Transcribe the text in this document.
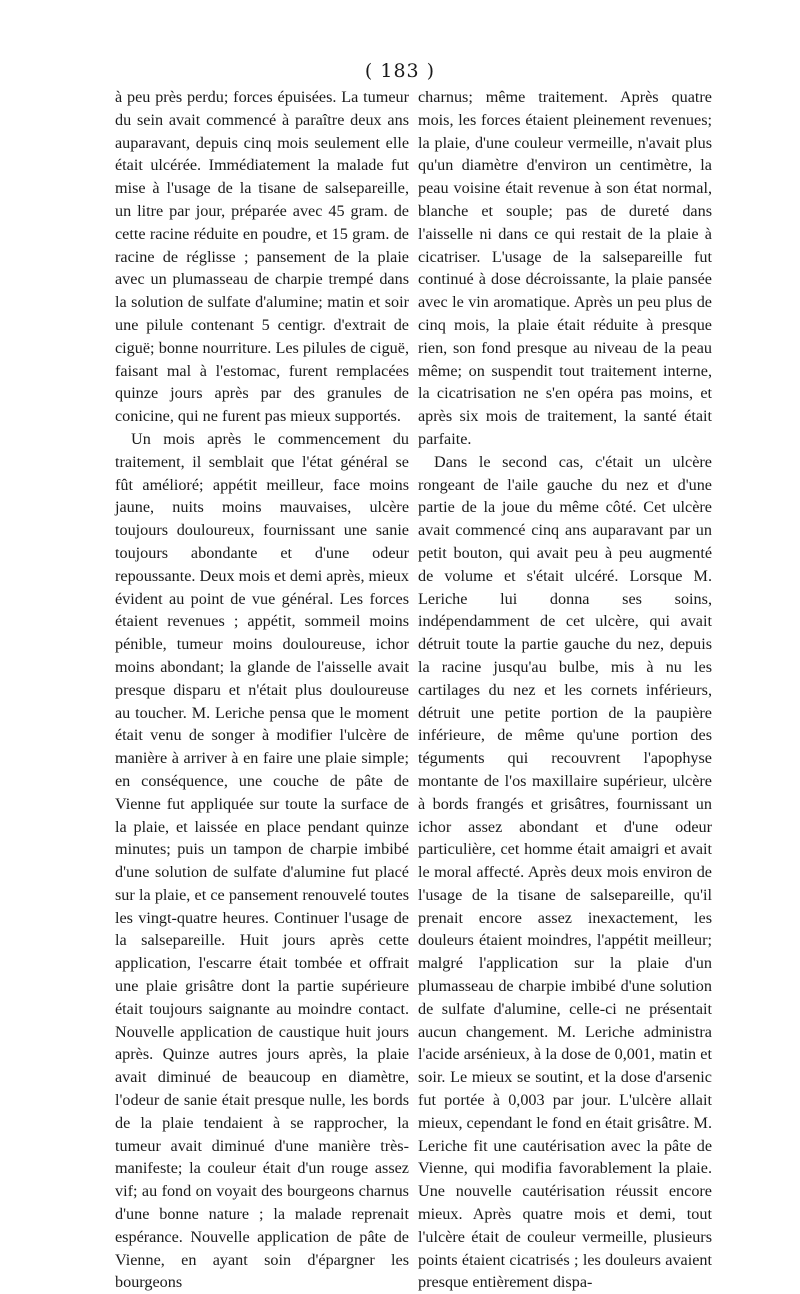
( 183 )

à peu près perdu; forces épuisées. La tumeur du sein avait commencé à paraître deux ans auparavant, depuis cinq mois seulement elle était ulcérée. Immédiatement la malade fut mise à l'usage de la tisane de salsepareille, un litre par jour, préparée avec 45 gram. de cette racine réduite en poudre, et 15 gram. de racine de réglisse ; pansement de la plaie avec un plumasseau de charpie trempé dans la solution de sulfate d'alumine; matin et soir une pilule contenant 5 centigr. d'extrait de ciguë; bonne nourriture. Les pilules de ciguë, faisant mal à l'estomac, furent remplacées quinze jours après par des granules de conicine, qui ne furent pas mieux supportés.

Un mois après le commencement du traitement, il semblait que l'état général se fût amélioré; appétit meilleur, face moins jaune, nuits moins mauvaises, ulcère toujours douloureux, fournissant une sanie toujours abondante et d'une odeur repoussante. Deux mois et demi après, mieux évident au point de vue général. Les forces étaient revenues ; appétit, sommeil moins pénible, tumeur moins douloureuse, ichor moins abondant; la glande de l'aisselle avait presque disparu et n'était plus douloureuse au toucher. M. Leriche pensa que le moment était venu de songer à modifier l'ulcère de manière à arriver à en faire une plaie simple; en conséquence, une couche de pâte de Vienne fut appliquée sur toute la surface de la plaie, et laissée en place pendant quinze minutes; puis un tampon de charpie imbibé d'une solution de sulfate d'alumine fut placé sur la plaie, et ce pansement renouvelé toutes les vingt-quatre heures. Continuer l'usage de la salsepareille. Huit jours après cette application, l'escarre était tombée et offrait une plaie grisâtre dont la partie supérieure était toujours saignante au moindre contact. Nouvelle application de caustique huit jours après. Quinze autres jours après, la plaie avait diminué de beaucoup en diamètre, l'odeur de sanie était presque nulle, les bords de la plaie tendaient à se rapprocher, la tumeur avait diminué d'une manière très-manifeste; la couleur était d'un rouge assez vif; au fond on voyait des bourgeons charnus d'une bonne nature ; la malade reprenait espérance. Nouvelle application de pâte de Vienne, en ayant soin d'épargner les bourgeons

charnus; même traitement. Après quatre mois, les forces étaient pleinement revenues; la plaie, d'une couleur vermeille, n'avait plus qu'un diamètre d'environ un centimètre, la peau voisine était revenue à son état normal, blanche et souple; pas de dureté dans l'aisselle ni dans ce qui restait de la plaie à cicatriser. L'usage de la salsepareille fut continué à dose décroissante, la plaie pansée avec le vin aromatique. Après un peu plus de cinq mois, la plaie était réduite à presque rien, son fond presque au niveau de la peau même; on suspendit tout traitement interne, la cicatrisation ne s'en opéra pas moins, et après six mois de traitement, la santé était parfaite.

Dans le second cas, c'était un ulcère rongeant de l'aile gauche du nez et d'une partie de la joue du même côté. Cet ulcère avait commencé cinq ans auparavant par un petit bouton, qui avait peu à peu augmenté de volume et s'était ulcéré. Lorsque M. Leriche lui donna ses soins, indépendamment de cet ulcère, qui avait détruit toute la partie gauche du nez, depuis la racine jusqu'au bulbe, mis à nu les cartilages du nez et les cornets inférieurs, détruit une petite portion de la paupière inférieure, de même qu'une portion des téguments qui recouvrent l'apophyse montante de l'os maxillaire supérieur, ulcère à bords frangés et grisâtres, fournissant un ichor assez abondant et d'une odeur particulière, cet homme était amaigri et avait le moral affecté. Après deux mois environ de l'usage de la tisane de salsepareille, qu'il prenait encore assez inexactement, les douleurs étaient moindres, l'appétit meilleur; malgré l'application sur la plaie d'un plumasseau de charpie imbibé d'une solution de sulfate d'alumine, celle-ci ne présentait aucun changement. M. Leriche administra l'acide arsénieux, à la dose de 0,001, matin et soir. Le mieux se soutint, et la dose d'arsenic fut portée à 0,003 par jour. L'ulcère allait mieux, cependant le fond en était grisâtre. M. Leriche fit une cautérisation avec la pâte de Vienne, qui modifia favorablement la plaie. Une nouvelle cautérisation réussit encore mieux. Après quatre mois et demi, tout l'ulcère était de couleur vermeille, plusieurs points étaient cicatrisés ; les douleurs avaient presque entièrement dispa-
